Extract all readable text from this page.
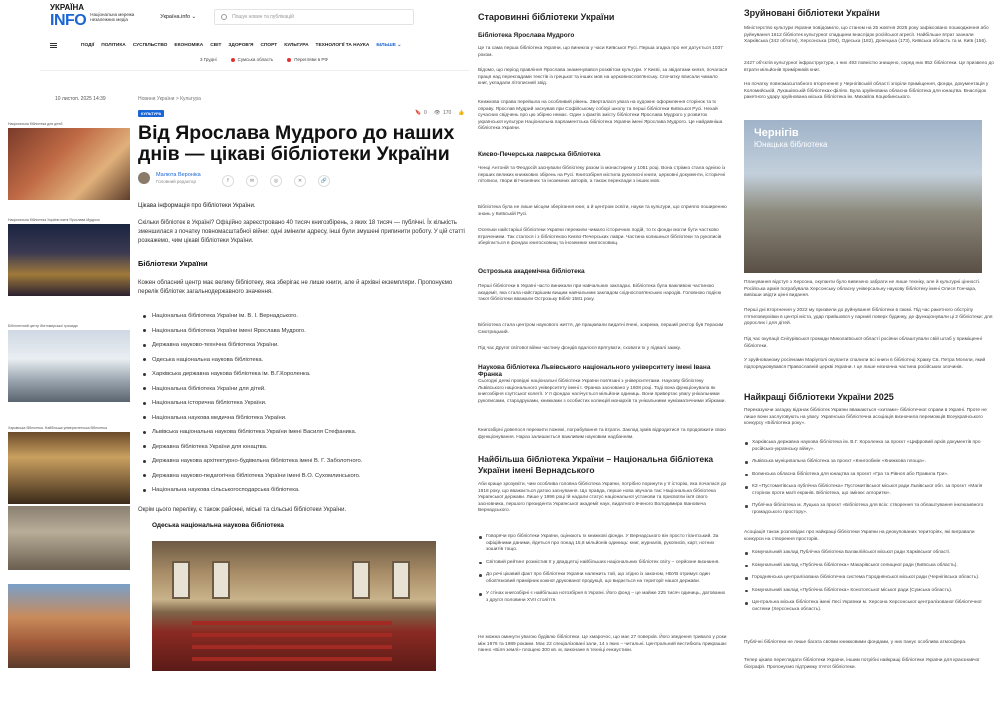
УКРАЇНА
INFO Національна мережа незалежних медіа	Україна.info ⌄	Пошук новин та публікацій
ПОДІЇ ПОЛІТИКА СУСПІЛЬСТВО ЕКОНОМІКА СВІТ ЗДОРОВ'Я СПОРТ КУЛЬТУРА ТЕХНОЛОГІЇ ТА НАУКА БІЛЬШЕ ⌄
3 Грудні	Сумська область	Перегляви в РФ
10 листоп. 2025 14:39	Новини України > Культура
КУЛЬТУРА	🔖 0 👁 170 👍
Від Ярослава Мудрого до наших днів — цікаві бібліотеки України
Малюта Вероніка
Головний редактор	f	✉	◎	✕	🔗
Цікава інформація про бібліотеки України.

Скільки бібліотек в Україні? Офіційно зареєстровано 40 тисяч книгозбірень, з яких 18 тисяч — публічні. Їх кількість зменшилася з початку повномасштабної війни: одні змінили адресу, інші були змушені припинити роботу. У цій статті розкажемо, чим цікаві бібліотеки України.

Бібліотеки України

Кожен обласний центр має велику бібліотеку, яка зберігає не лише книги, але й архівні екземпляри. Пропонуємо перелік бібліотек загальнодержавного значення.

Національна бібліотека України ім. В. І. Вернадського.
Національна бібліотека України імені Ярослава Мудрого.
Державна науково-технічна бібліотека України.
Одеська національна наукова бібліотека.
Харківська державна наукова бібліотека ім. В.Г.Короленка.
Національна бібліотека України для дітей.
Національна історична бібліотека України.
Національна наукова медична бібліотека України.
Львівська національна наукова бібліотека України імені Василя Стефаника.
Державна бібліотека України для юнацтва.
Державна наукова архітектурно-будівельна бібліотека імені В. Г. Заболотного.
Державна науково-педагогічна бібліотека України імені В.О. Сухомлинського.
Національна наукова сільськогосподарська бібліотека.

Окрім цього переліку, є також районні, міські та сільські бібліотеки України.

Одеська національна наукова бібліотека
Національна бібліотека для дітей
Національна бібліотека України імені Ярослава Мудрого
Бібліотечний центр Житомирської громади
Харківська бібліотека. Найбільша університетська бібліотека
Старовинні бібліотеки України
Бібліотека Ярослава Мудрого

Це та сама перша бібліотека України, що виникла у часи Київської Русі. Перша згадка про неї датується 1037 роком.

Відомо, що період правління Ярослава знаменувався розквітом культури. У Києві, за звідатами князя, почалася праця над перекладами текстів із грецької та інших мов на церковнослов'янську. Спочатку вписали чимало книг, укладали літописний звід.

Книжкова справа перейшла на особливий рівень. Зверталася увага на художнє оформлення сторінок та їх оправу. Ярослав Мудрий заснував при Софійському соборі школу та перші бібліотеки Київської Русі. Нехай сучасних свідчень про цю збірню немає. Один з фактів змісту бібліотеки Ярослава Мудрого у розвиток української культури Національна парламентська бібліотека України імені Ярослава Мудрого. Це найдавніша бібліотека України.

Києво-Печерська лаврська бібліотека

Ченці Антоній та Феодосій заснували бібліотеку разом із монастирем у 1051 році. Вона стрімко стала однією із перших великих книжкових збірень на Русі. Книгозбірня містила рукописні книги, церковні документи, історичні літописи, твори вітчизняних та іноземних авторів, а також переклади з інших мов.

Бібліотека була не лише місцем зберігання книг, а й центром освіти, науки та культури, що сприяло поширенню знань у Київській Русі.

Осельки найстаріші бібліотеки України пережили чимало історичних подій, то їх фонди могли бути частково втраченими. Так сталося і з бібліотекою Києво-Печерських лаври. Частина колишньої бібліотеки та рукописів зберігається в фондах книгосховищ та іноземних книгосховищ.

Острозька академічна бібліотека

Перші бібліотеки в Україні часто виникали при навчальних закладах. Бібліотека була важливою частиною академії, яка стала найстарішим вищим навчальним закладом східнослов'янських народів. Головною подією такої бібліотеки вважали Острозьку Біблії 1581 року.

Бібліотека стала центром наукового життя, де працювали видатні вчені, зокрема, перший ректор був Герасим Смотрицький.

Під час Другої світової війни частину фондів вдалося врятувати, сховати їх у підвалі замку.

Наукова бібліотека Львівського національного університету імені Івана Франка

Сьогодні деякі провідні національні бібліотеки України пов'язані з університетами. Наукову бібліотеку Львівського національного університету імені І. Франка засновано у 1608 році. Тоді вона функціонувала як книгозбірня єзуїтської колегії. У її фондах налічується мільйони одиниць. Вони привертає увагу унікальними рукописами, стародруками, книжками з особистих колекцій монархів та унікальними нумізматичними збірками.

Книгозбірні довелося пережити пожежі, пограбування та втрати. Заклад зумів відродитися та продовжити свою функціонування. Нараз залишається важливим науковим надбанням.

Найбільша бібліотека України – Національна бібліотека України імені Вернадського

Аби краще зрозуміти, чим особлива головна бібліотека України, потрібно поринути у її історію, яка почалася до 1918 року, що вважається датою заснування. Що правда, перше нова звучала так: Національна бібліотека Української держави. Лише у 1996 році їй надали статус національної установи та присвоїли ім'я свого засновника, першого президента Української академії наук, видатного вченого Володимира Івановича Вернадського.

Говорячи про бібліотеки України, оцінюють їх книжкові фонди. У Вернадського він просто гігантський. За офіційними даними, йдеться про понад 15,8 мільйонів одиниць: книг, журналів, рукописів, карт, нотних зошитів тощо.
Світовий рейтинг розмістив її у двадцятці найбільших національних бібліотек світу – серйозне визнання.
До речі цікавий факт про бібліотеки України належить той, що згідно із законом, НБУВ отримує один обов'язковий примірник кожної друкованої продукції, що видається на території нашої держави.
У стінах книгозбірні є найбільша нотозбірня в Україні. Його фонд – це майже 225 тисяч одиниць, датованих з другої половини XVII століття.

Не можна оминути увагою будівлю бібліотеки. Це хмарочос, що має 27 поверхів. Його зведення тривало у роки між 1976 та 1989 роками. Має 22 спеціалізовані зали, 14 з яких – читальні. Центральний вестибюль прикрашає панно «Біля землі» площею 300 кв. м, виконане в техніці енкаустики.

Зруйновані бібліотеки України

Міністерство культури України повідомило, що станом на 25 жовтня 2025 року зафіксовано пошкодження або руйнування 1612 бібліотек культурної спадщини внаслідок російської агресії. Найбільше втрат зазнали Харківська (342 об'єкти), Херсонська (294), Одеська (182), Донецька (173), Київська область та м. Київ (156).

2427 об'єктів культурної інфраструктури, з них 493 повністю знищено, серед них 852 бібліотеки. Це призвело до втрати мільйонів примірників книг.

На початку повномасштабного вторгнення у Чернігівській області згоріли приміщення, фонди, документація у Коломийській, Лукашівській бібліотеках-філіях. Була зруйнована обласна бібліотека для юнацтва. Внаслідок ракетного удару зруйнована міська бібліотека ім. Михайла Коцюбинського.

Чернігів
Юнацька бібліотека

Планування відступ з Херсона, окупанти було вивезено забрати не лише техніку, але й культурні цінності. Російська армія пограбувала Херсонську обласну універсальну наукову бібліотеку імені Олеся Гончара, вивізши звідти цінні видання.

Перші дні вторгнення у 2022 му призвели до руйнування бібліотеки в Ізюмі. Під час ракетного обстрілу п'ятиповерхівки в центрі міста, удар прийшовся у парний поверх будинку, де функціонували ці 2 бібліотеки: для дорослих і для дітей.

Під час окупації Снігурівської громади Миколаївської області росіяни облаштували свій штаб у приміщенні бібліотеки.

У зруйнованому росіянами Маріуполі окупанти спалили всі книги в бібліотеці Храму Св. Петра Могили, який підпорядковувався Православній церкві України. І це лише незначна частина російських злочинів.

Найкращі бібліотеки України 2025

Переказуючи загадку відзнак бібліотек України вважаються «хитами» бібліотечної справи в Україні. Проте не лише вони заслуговують на увагу. Українська бібліотечна асоціація визначила переможців Всеукраїнського конкурсу «Бібліотека року».

Харківська державна наукова бібліотека ім. В.Г. Короленка за проєкт «Цифровий архів документів про російсько-українську війну».
Львівська муніципальна бібліотека за проєкт «Книгообмін «Книжкова площа».
Волинська обласна бібліотека для юнацтва за проєкт «Гра та Рівноп або Правила Гри».
КЗ «Пустомитівська публічна бібліотека» Пустомитівської міської ради Львівської обл. за проєкт «Магія сторінок проти магії екранів. Бібліотека, що змінює алгоритм».
Публічна бібліотека м. Луцька за проєкт «Бібліотека для всіх: створення та облаштування інклюзивного громадського простору».

Асоціація також розповідає про найкращі бібліотеки України на деокупованих територіях, які вигравали конкурси на створення просторів.

Комунальний заклад Публічна бібліотека Балаклійської міської ради Харківської області.
Комунальний заклад «Публічна бібліотека» Макарівської селищної ради (Київська область).
Городнянська централізована бібліотечна система Городнянської міської ради (Чернігівська область).
Комунальний заклад «Публічна бібліотека» Конотопської міської ради (Сумська область).
Центральна міська бібліотека імені Лесі Українки м. Херсона Херсонської централізованої бібліотечної системи (Херсонська область).

Публічні бібліотеки не лише багата своїми книжковими фондами, у них панує особлива атмосфера.

Тепер цікаво переглядати бібліотеки України, іншим потрібні найкращі бібліотеки України для краєзнавчої біографії. Пропонуємо підтримку п'ятої бібліотеки.
